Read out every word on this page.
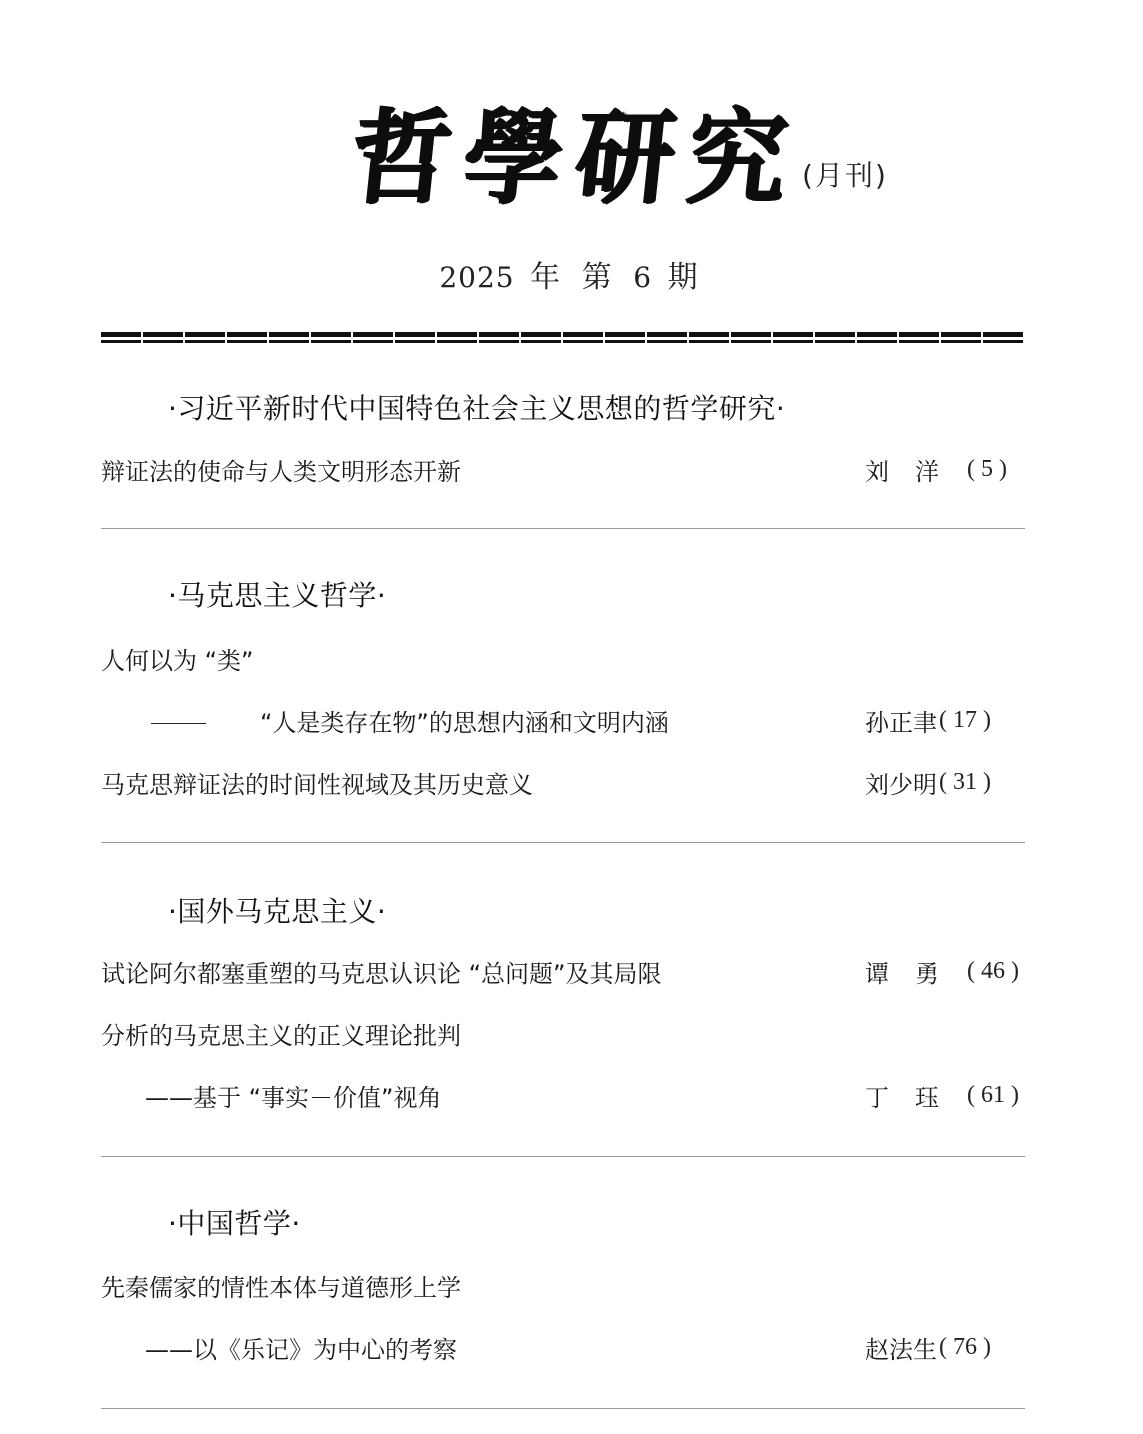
哲學研究
(月刊)
2025 年 第 6 期
·习近平新时代中国特色社会主义思想的哲学研究·
辩证法的使命与人类文明形态开新	刘洋 ( 5 )
·马克思主义哲学·
人何以为 “类”
“人是类存在物”的思想内涵和文明内涵	孙正聿 ( 17 )
马克思辩证法的时间性视域及其历史意义	刘少明 ( 31 )
·国外马克思主义·
试论阿尔都塞重塑的马克思认识论 “总问题”及其局限	谭勇 ( 46 )
分析的马克思主义的正义理论批判
——基于 “事实－价值”视角	丁珏 ( 61 )
·中国哲学·
先秦儒家的情性本体与道德形上学
——以《乐记》为中心的考察	赵法生 ( 76 )
